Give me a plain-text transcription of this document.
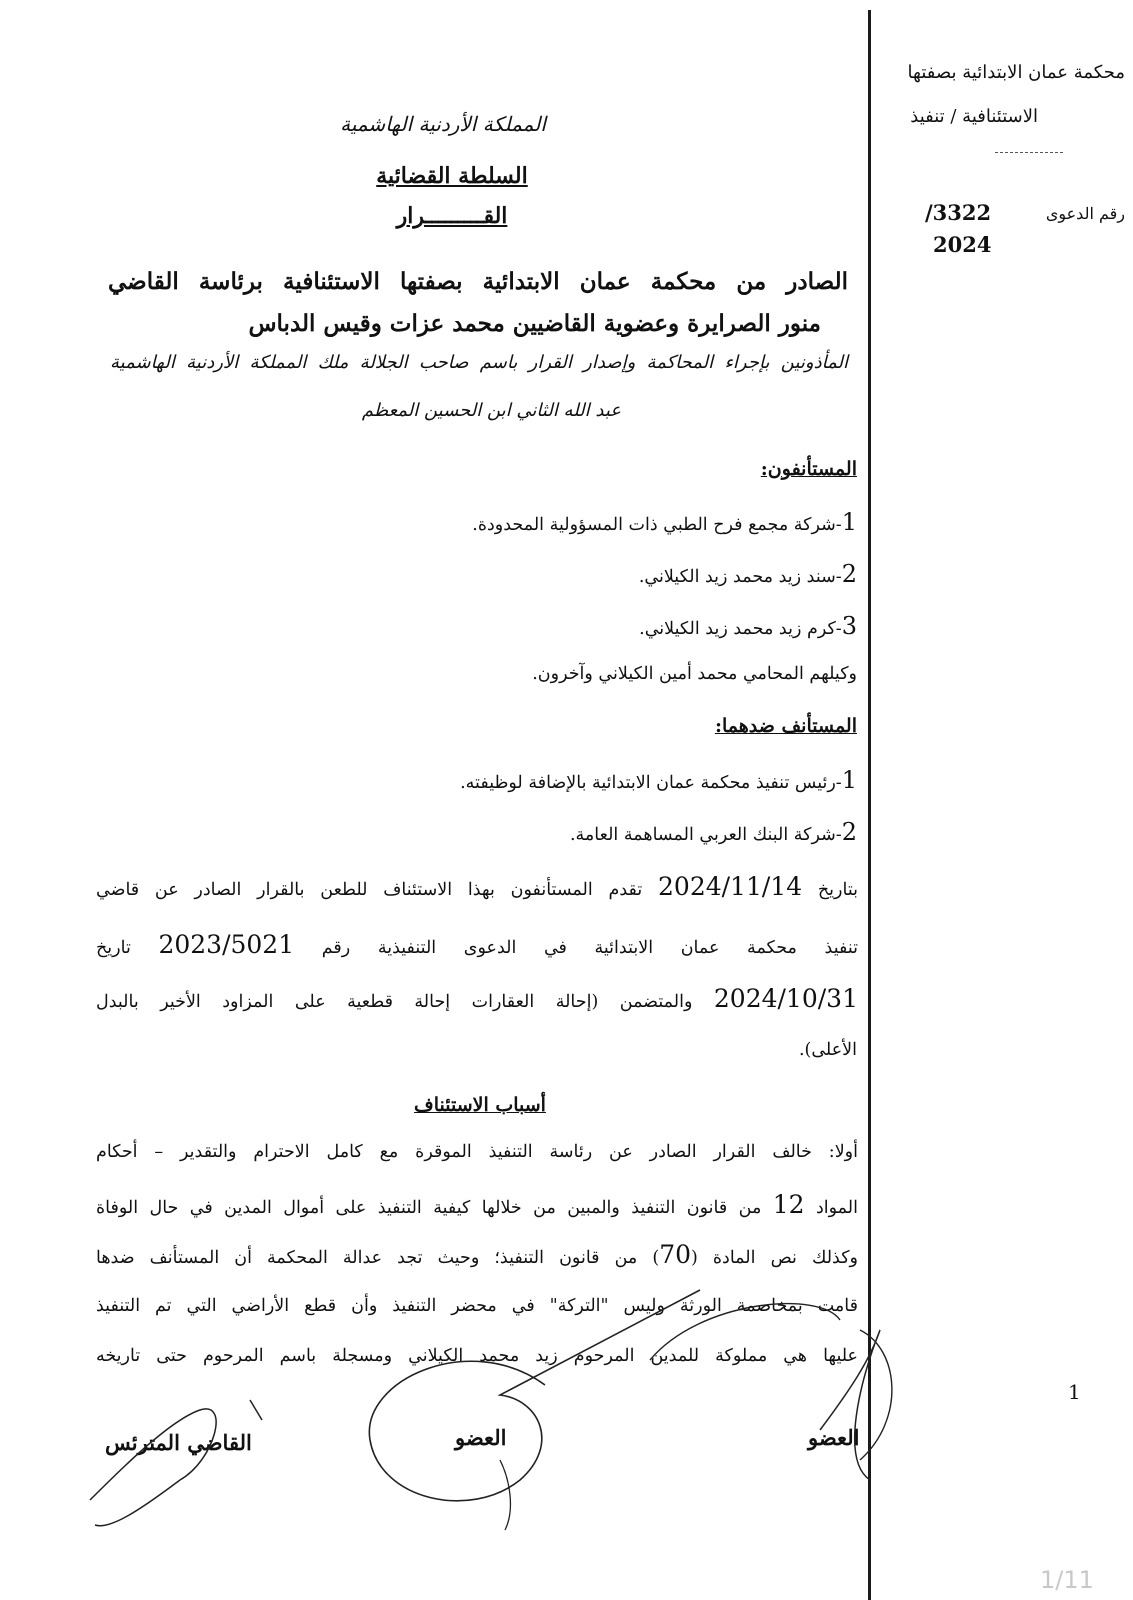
محكمة عمان الابتدائية بصفتها
الاستئنافية / تنفيذ
رقم الدعوى
3322/
2024
المملكة الأردنية الهاشمية
السلطة القضائية
القـــــــــرار
الصادر من محكمة عمان الابتدائية بصفتها الاستئنافية برئاسة القاضي
منور الصرايرة وعضوية القاضيين محمد عزات وقيس الدباس
المأذونين بإجراء المحاكمة وإصدار القرار باسم صاحب الجلالة ملك المملكة الأردنية الهاشمية
عبد الله الثاني ابن الحسين المعظم
المستأنفون:
1-شركة مجمع فرح الطبي ذات المسؤولية المحدودة.
2-سند زيد محمد زيد الكيلاني.
3-كرم زيد محمد زيد الكيلاني.
وكيلهم المحامي محمد أمين الكيلاني وآخرون.
المستأنف ضدهما:
1-رئيس تنفيذ محكمة عمان الابتدائية بالإضافة لوظيفته.
2-شركة البنك العربي المساهمة العامة.
بتاريخ 2024/11/14 تقدم المستأنفون بهذا الاستئناف للطعن بالقرار الصادر عن قاضي
تنفيذ محكمة عمان الابتدائية في الدعوى التنفيذية رقم 2023/5021 تاريخ
2024/10/31 والمتضمن (إحالة العقارات إحالة قطعية على المزاود الأخير بالبدل
الأعلى).
أسباب الاستئناف
أولا: خالف القرار الصادر عن رئاسة التنفيذ الموقرة مع كامل الاحترام والتقدير – أحكام
المواد 12 من قانون التنفيذ والمبين من خلالها كيفية التنفيذ على أموال المدين في حال الوفاة
وكذلك نص المادة (70) من قانون التنفيذ؛ وحيث تجد عدالة المحكمة أن المستأنف ضدها
قامت بمخاصمة الورثة وليس "التركة" في محضر التنفيذ وأن قطع الأراضي التي تم التنفيذ
عليها هي مملوكة للمدين المرحوم زيد محمد الكيلاني ومسجلة باسم المرحوم حتى تاريخه
العضو
العضو
القاضي المترئس
1
1/11
